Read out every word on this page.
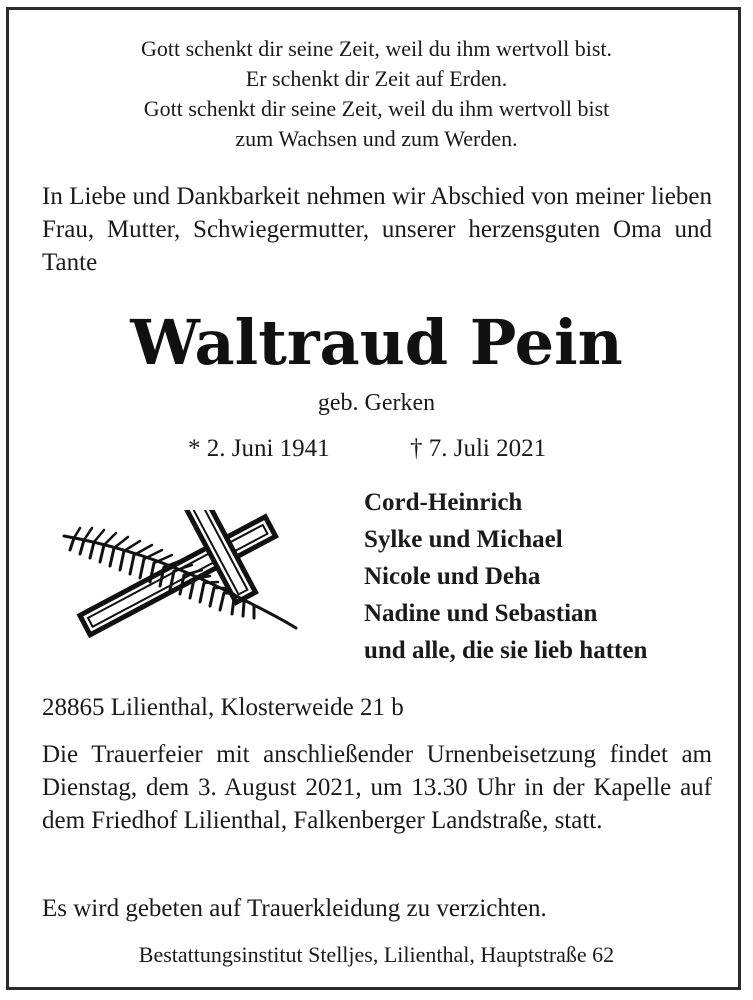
Gott schenkt dir seine Zeit, weil du ihm wertvoll bist.
Er schenkt dir Zeit auf Erden.
Gott schenkt dir seine Zeit, weil du ihm wertvoll bist
zum Wachsen und zum Werden.
In Liebe und Dankbarkeit nehmen wir Abschied von meiner lieben Frau, Mutter, Schwiegermutter, unserer herzensguten Oma und Tante
Waltraud Pein
geb. Gerken
* 2. Juni 1941	† 7. Juli 2021
Cord-Heinrich
Sylke und Michael
Nicole und Deha
Nadine und Sebastian
und alle, die sie lieb hatten
28865 Lilienthal, Klosterweide 21 b
Die Trauerfeier mit anschließender Urnenbeisetzung findet am Dienstag, dem 3. August 2021, um 13.30 Uhr in der Kapelle auf dem Friedhof Lilienthal, Falkenberger Landstraße, statt.
Es wird gebeten auf Trauerkleidung zu verzichten.
Bestattungsinstitut Stelljes, Lilienthal, Hauptstraße 62
